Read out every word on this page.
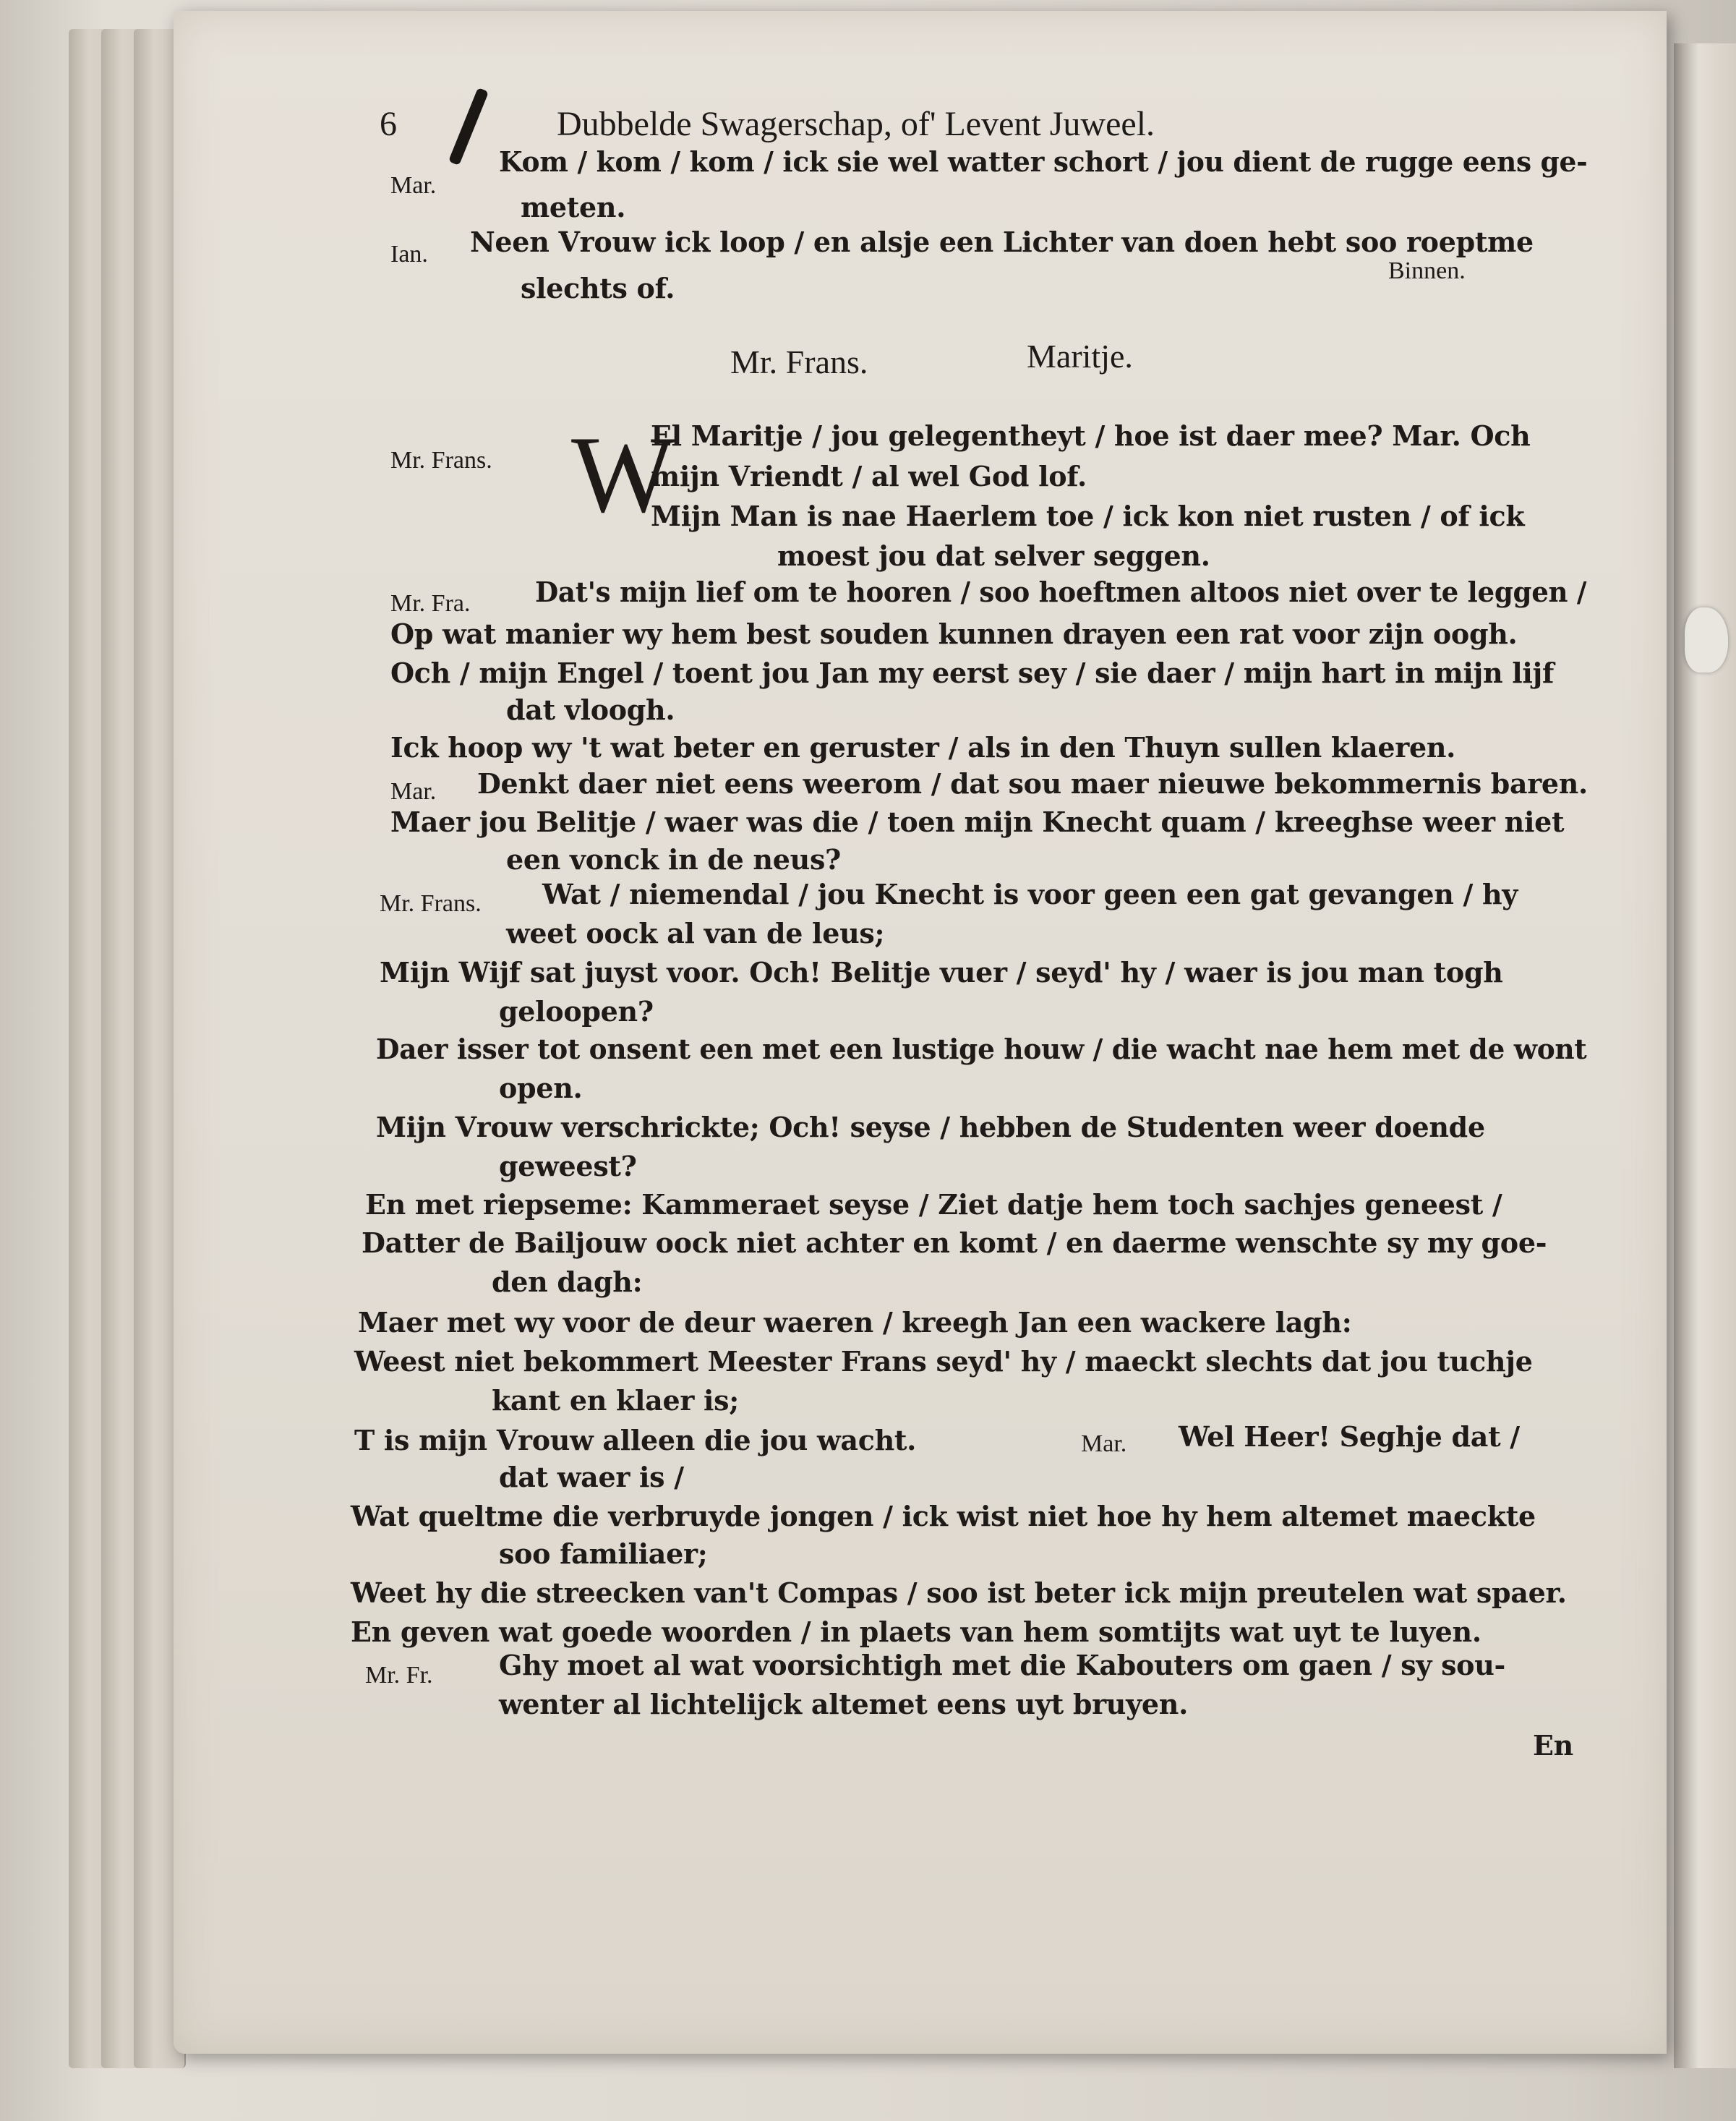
6	Dubbelde Swagerschap, of' Levent Juweel.
Mar.
Kom / kom / kom / ick sie wel watter schort / jou dient de rugge eens ge-
meten.
Ian. Neen Vrouw ick loop / en alsje een Lichter van doen hebt soo roeptme
slechts of.
Binnen.
Mr. Frans.	Maritje.
W
Mr. Frans.
El Maritje / jou gelegentheyt / hoe ist daer mee? Mar. Och
mijn Vriendt / al wel God lof.
Mijn Man is nae Haerlem toe / ick kon niet rusten / of ick
moest jou dat selver seggen.
Mr. Fra. Dat's mijn lief om te hooren / soo hoeftmen altoos niet over te leggen /
Op wat manier wy hem best souden kunnen drayen een rat voor zijn oogh.
Och / mijn Engel / toent jou Jan my eerst sey / sie daer / mijn hart in mijn lijf
dat vloogh.
Ick hoop wy 't wat beter en geruster / als in den Thuyn sullen klaeren.
Mar. Denkt daer niet eens weerom / dat sou maer nieuwe bekommernis baren.
Maer jou Belitje / waer was die / toen mijn Knecht quam / kreeghse weer niet
een vonck in de neus?
Mr. Frans. Wat / niemendal / jou Knecht is voor geen een gat gevangen / hy
weet oock al van de leus;
Mijn Wijf sat juyst voor. Och! Belitje vuer / seyd' hy / waer is jou man togh
geloopen?
Daer isser tot onsent een met een lustige houw / die wacht nae hem met de wont
open.
Mijn Vrouw verschrickte; Och! seyse / hebben de Studenten weer doende
geweest?
En met riepseme: Kammeraet seyse / Ziet datje hem toch sachjes geneest /
Datter de Bailjouw oock niet achter en komt / en daerme wenschte sy my goe-
den dagh:
Maer met wy voor de deur waeren / kreegh Jan een wackere lagh:
Weest niet bekommert Meester Frans seyd' hy / maeckt slechts dat jou tuchje
kant en klaer is;
T is mijn Vrouw alleen die jou wacht.	Mar. Wel Heer! Seghje dat /
dat waer is /
Wat queltme die verbruyde jongen / ick wist niet hoe hy hem altemet maeckte
soo familiaer;
Weet hy die streecken van't Compas / soo ist beter ick mijn preutelen wat spaer.
En geven wat goede woorden / in plaets van hem somtijts wat uyt te luyen.
Mr. Fr. Ghy moet al wat voorsichtigh met die Kabouters om gaen / sy sou-
wenter al lichtelijck altemet eens uyt bruyen.
En
